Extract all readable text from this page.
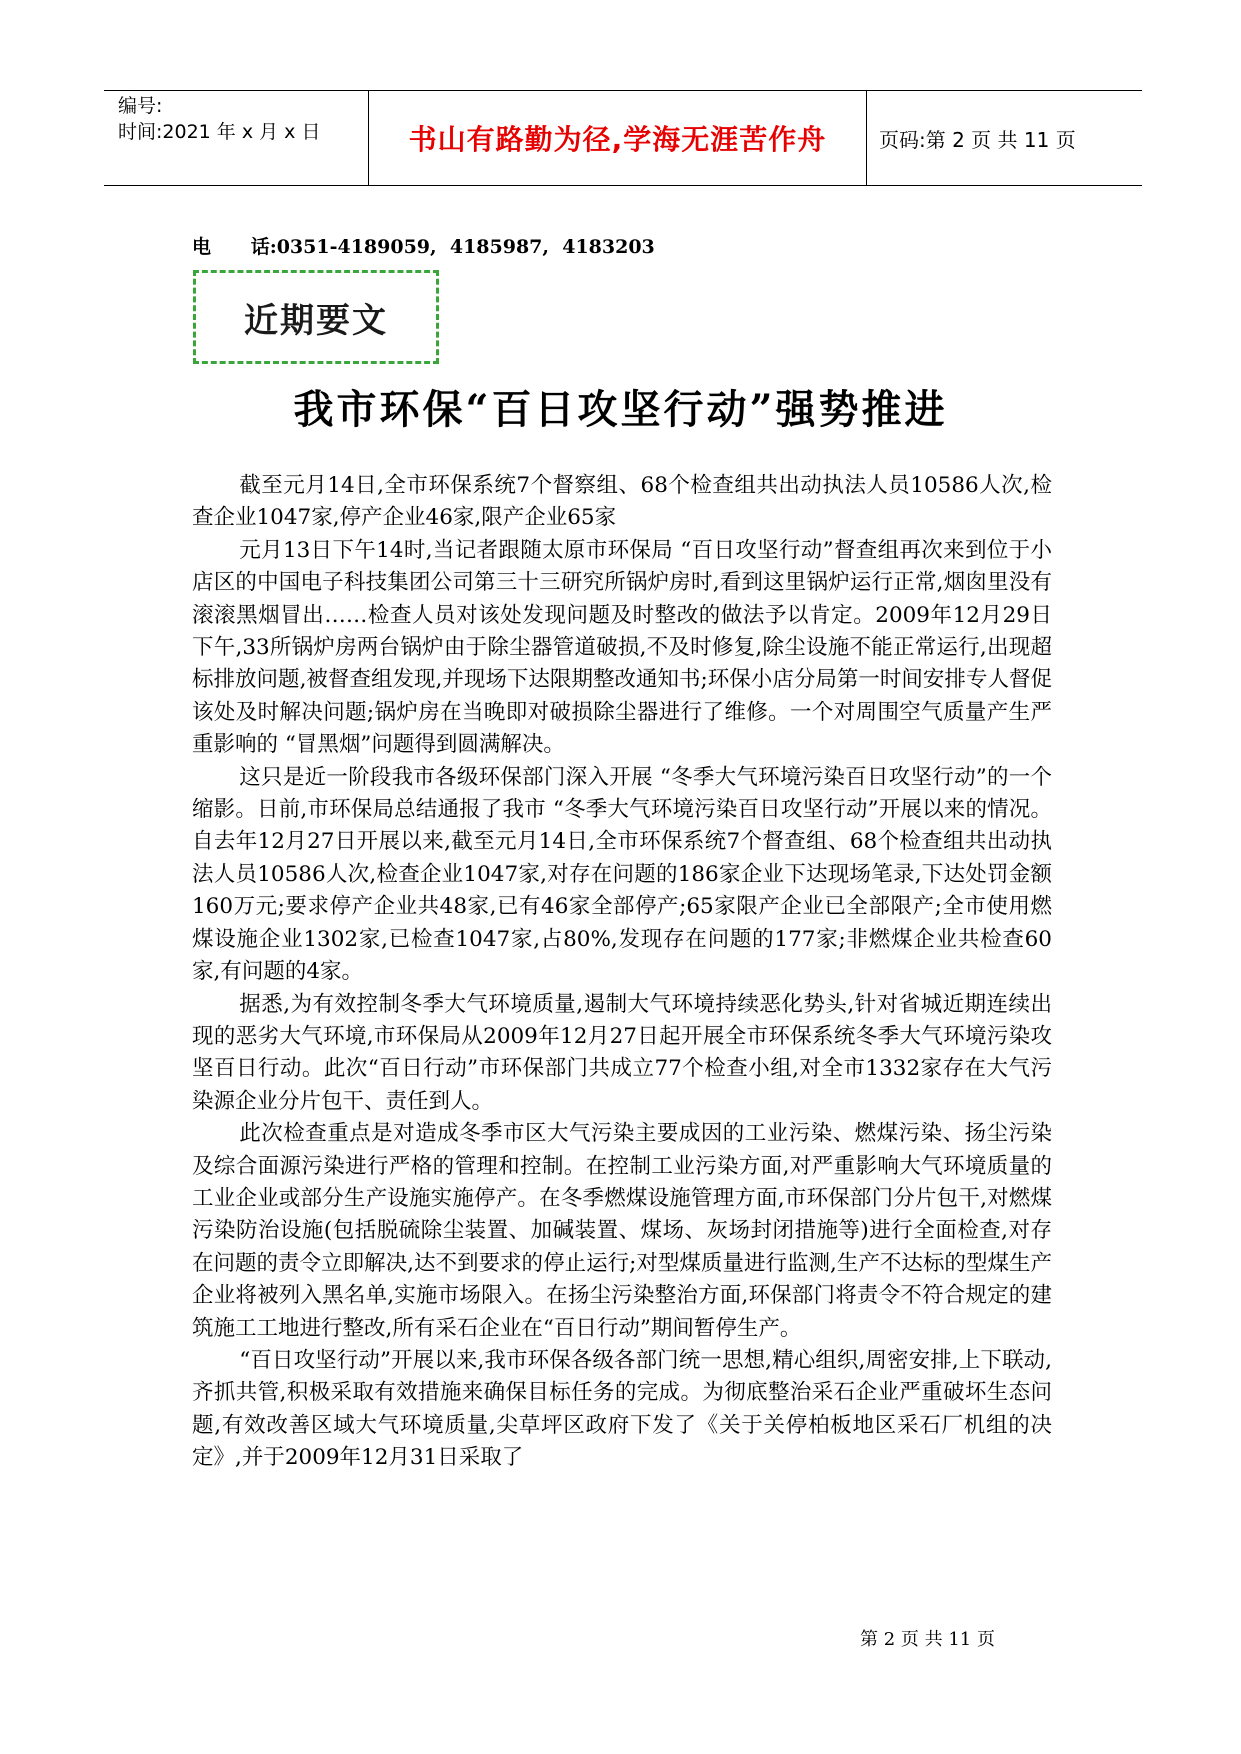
编号:
时间:2021 年 x 月 x 日	书山有路勤为径,学海无涯苦作舟	页码:第 2 页 共 11 页
电      话:0351-4189059,  4185987,  4183203
近期要文
我市环保“百日攻坚行动”强势推进

截至元月14日,全市环保系统7个督察组、68个检查组共出动执法人员10586人次,检查企业1047家,停产企业46家,限产企业65家

元月13日下午14时,当记者跟随太原市环保局 “百日攻坚行动”督查组再次来到位于小店区的中国电子科技集团公司第三十三研究所锅炉房时,看到这里锅炉运行正常,烟囱里没有滚滚黑烟冒出……检查人员对该处发现问题及时整改的做法予以肯定。2009年12月29日下午,33所锅炉房两台锅炉由于除尘器管道破损,不及时修复,除尘设施不能正常运行,出现超标排放问题,被督查组发现,并现场下达限期整改通知书;环保小店分局第一时间安排专人督促该处及时解决问题;锅炉房在当晚即对破损除尘器进行了维修。一个对周围空气质量产生严重影响的 “冒黑烟”问题得到圆满解决。

这只是近一阶段我市各级环保部门深入开展 “冬季大气环境污染百日攻坚行动”的一个缩影。日前,市环保局总结通报了我市 “冬季大气环境污染百日攻坚行动”开展以来的情况。自去年12月27日开展以来,截至元月14日,全市环保系统7个督查组、68个检查组共出动执法人员10586人次,检查企业1047家,对存在问题的186家企业下达现场笔录,下达处罚金额160万元;要求停产企业共48家,已有46家全部停产;65家限产企业已全部限产;全市使用燃煤设施企业1302家,已检查1047家,占80%,发现存在问题的177家;非燃煤企业共检查60家,有问题的4家。

据悉,为有效控制冬季大气环境质量,遏制大气环境持续恶化势头,针对省城近期连续出现的恶劣大气环境,市环保局从2009年12月27日起开展全市环保系统冬季大气环境污染攻坚百日行动。此次“百日行动”市环保部门共成立77个检查小组,对全市1332家存在大气污染源企业分片包干、责任到人。

此次检查重点是对造成冬季市区大气污染主要成因的工业污染、燃煤污染、扬尘污染及综合面源污染进行严格的管理和控制。在控制工业污染方面,对严重影响大气环境质量的工业企业或部分生产设施实施停产。在冬季燃煤设施管理方面,市环保部门分片包干,对燃煤污染防治设施(包括脱硫除尘装置、加碱装置、煤场、灰场封闭措施等)进行全面检查,对存在问题的责令立即解决,达不到要求的停止运行;对型煤质量进行监测,生产不达标的型煤生产企业将被列入黑名单,实施市场限入。在扬尘污染整治方面,环保部门将责令不符合规定的建筑施工工地进行整改,所有采石企业在“百日行动”期间暂停生产。

“百日攻坚行动”开展以来,我市环保各级各部门统一思想,精心组织,周密安排,上下联动,齐抓共管,积极采取有效措施来确保目标任务的完成。为彻底整治采石企业严重破坏生态问题,有效改善区域大气环境质量,尖草坪区政府下发了《关于关停柏板地区采石厂机组的决定》,并于2009年12月31日采取了

第 2 页 共 11 页
